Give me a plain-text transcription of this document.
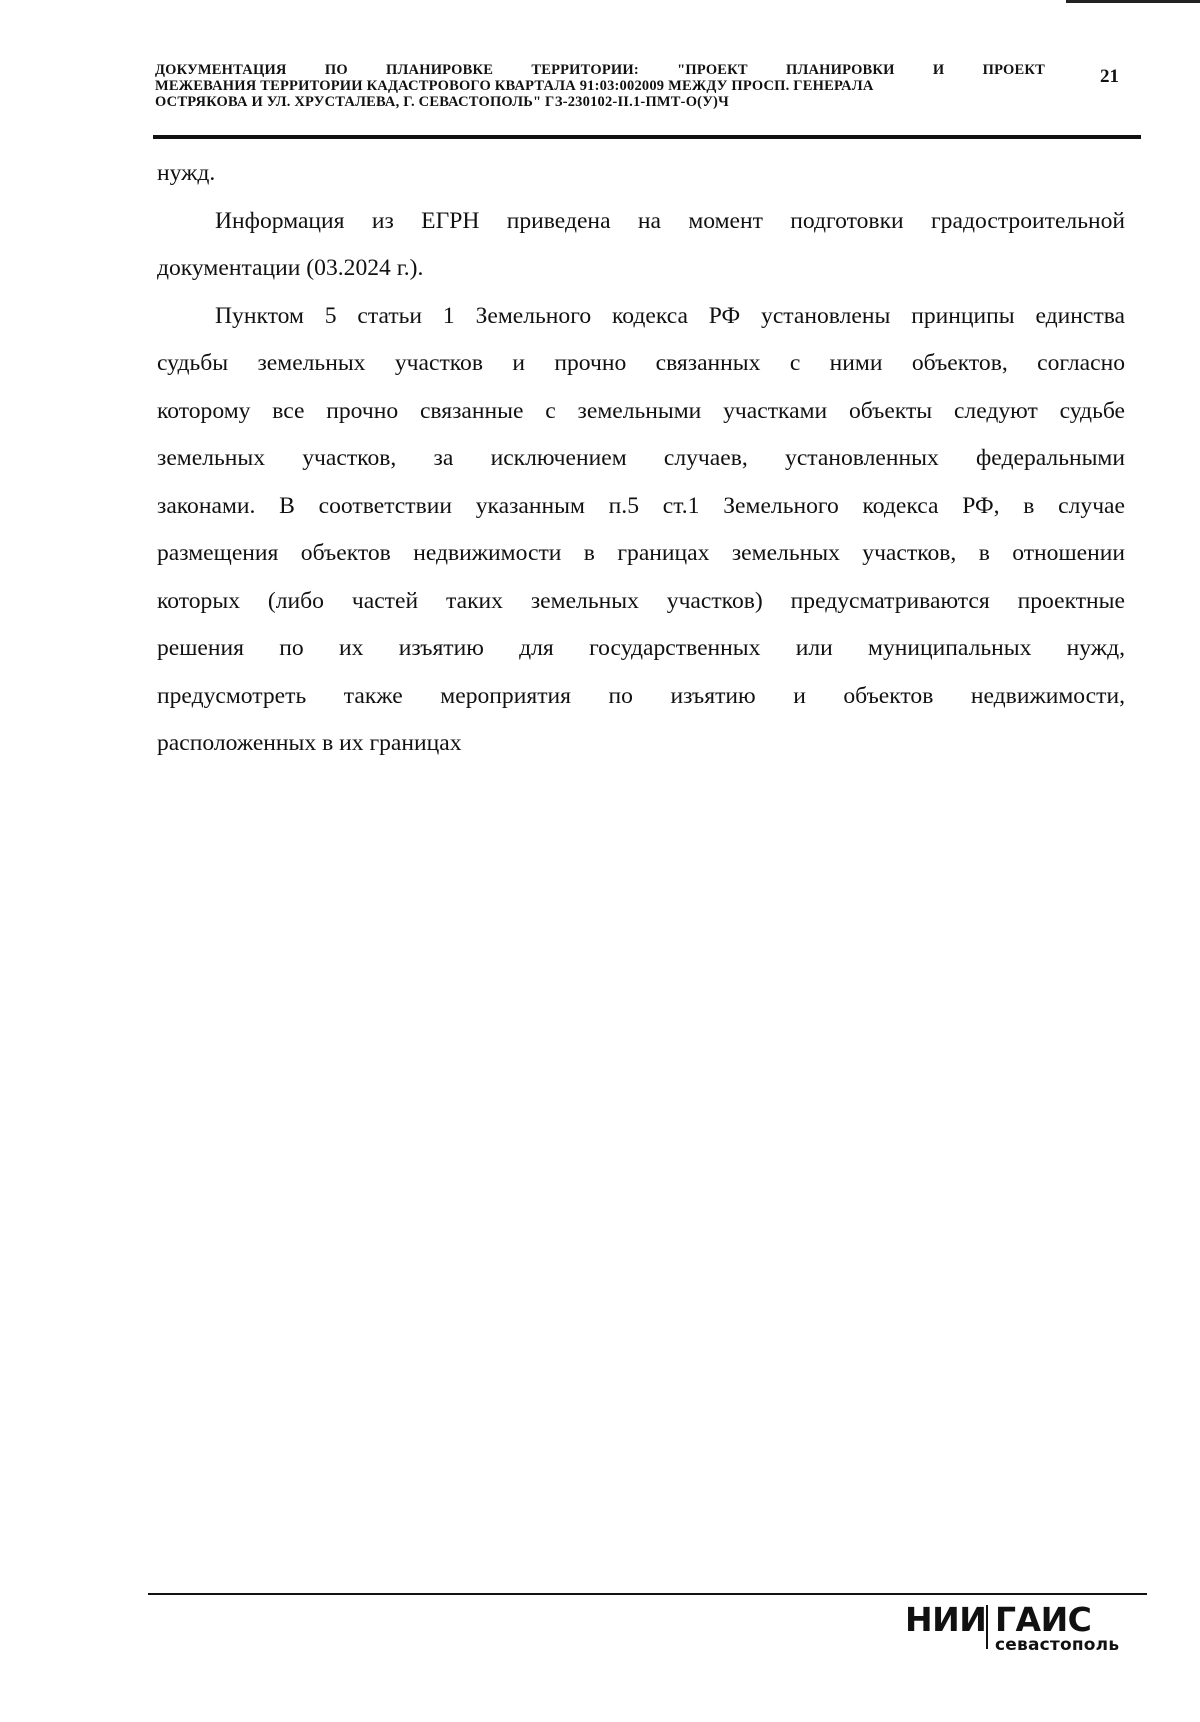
ДОКУМЕНТАЦИЯ ПО ПЛАНИРОВКЕ ТЕРРИТОРИИ: "ПРОЕКТ ПЛАНИРОВКИ И ПРОЕКТ
МЕЖЕВАНИЯ ТЕРРИТОРИИ КАДАСТРОВОГО КВАРТАЛА 91:03:002009 МЕЖДУ ПРОСП. ГЕНЕРАЛА
ОСТРЯКОВА И УЛ. ХРУСТАЛЕВА, Г. СЕВАСТОПОЛЬ" ГЗ-230102-II.1-ПМТ-О(У)Ч
21

нужд.

Информация из ЕГРН приведена на момент подготовки градостроительной
документации (03.2024 г.).

Пунктом 5 статьи 1 Земельного кодекса РФ установлены принципы единства
судьбы земельных участков и прочно связанных с ними объектов, согласно
которому все прочно связанные с земельными участками объекты следуют судьбе
земельных участков, за исключением случаев, установленных федеральными
законами. В соответствии указанным п.5 ст.1 Земельного кодекса РФ, в случае
размещения объектов недвижимости в границах земельных участков, в отношении
которых (либо частей таких земельных участков) предусматриваются проектные
решения по их изъятию для государственных или муниципальных нужд,
предусмотреть также мероприятия по изъятию и объектов недвижимости,
расположенных в их границах

НИИ ГАИС
севастополь
